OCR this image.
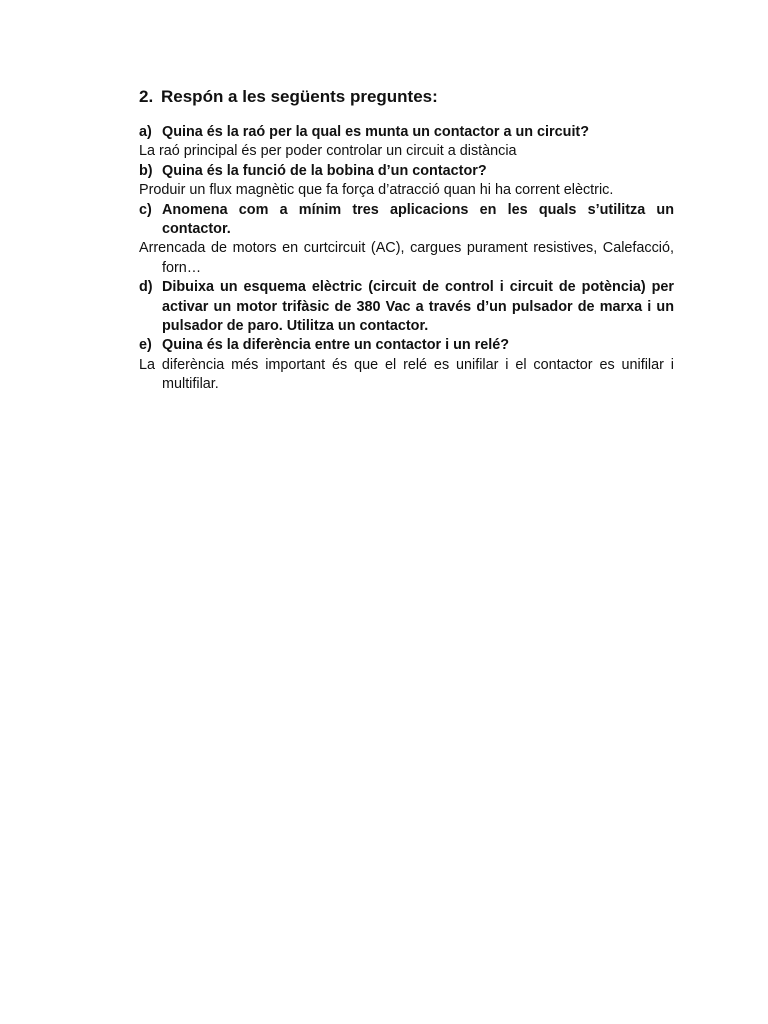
2. Respón a les següents preguntes:
a) Quina és la raó per la qual es munta un contactor a un circuit?
La raó principal és per poder controlar un circuit a distància
b) Quina és la funció de la bobina d’un contactor?
Produir un flux magnètic que fa força d’atracció quan hi ha corrent elèctric.
c) Anomena com a mínim tres aplicacions en les quals s’utilitza un contactor.
Arrencada de motors en curtcircuit (AC), cargues purament resistives, Calefacció, forn…
d) Dibuixa un esquema elèctric (circuit de control i circuit de potència) per activar un motor trifàsic de 380 Vac a través d’un pulsador de marxa i un pulsador de paro. Utilitza un contactor.
e) Quina és la diferència entre un contactor i un relé?
La diferència més important és que el relé es unifilar i el contactor es unifilar i multifilar.
